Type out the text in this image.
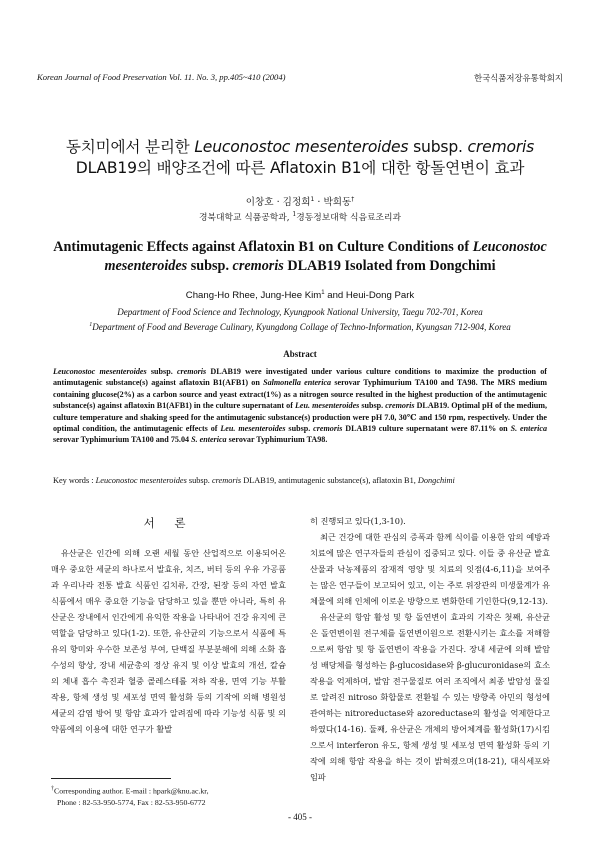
Korean Journal of Food Preservation Vol. 11. No. 3, pp.405~410 (2004)	한국식품저장유통학회지
동치미에서 분리한 Leuconostoc mesenteroides subsp. cremoris
DLAB19의 배양조건에 따른 Aflatoxin B1에 대한 항돌연변이 효과
이창호 · 김정희$^1$ · 박희동†
경북대학교 식품공학과, $^1$경동정보대학 식음료조리과
Antimutagenic Effects against Aflatoxin B1 on Culture Conditions of Leuconostoc
mesenteroides subsp. cremoris DLAB19 Isolated from Dongchimi
Chang-Ho Rhee, Jung-Hee Kim$^1$ and Heui-Dong Park
Department of Food Science and Technology, Kyungpook National University, Taegu 702-701, Korea
$^1$Department of Food and Beverage Culinary, Kyungdong Collage of Techno-Information, Kyungsan 712-904, Korea
Abstract
Leuconostoc mesenteroides subsp. cremoris DLAB19 were investigated under various culture conditions to maximize the production of antimutagenic substance(s) against aflatoxin B1(AFB1) on Salmonella enterica serovar Typhimurium TA100 and TA98. The MRS medium containing glucose(2%) as a carbon source and yeast extract(1%) as a nitrogen source resulted in the highest production of the antimutagenic substance(s) against aflatoxin B1(AFB1) in the culture supernatant of Leu. mesenteroides subsp. cremoris DLAB19. Optimal pH of the medium, culture temperature and shaking speed for the antimutagenic substance(s) production were pH 7.0, 30℃ and 150 rpm, respectively. Under the optimal condition, the antimutagenic effects of Leu. mesenteroides subsp. cremoris DLAB19 culture supernatant were 87.11% on S. enterica serovar Typhimurium TA100 and 75.04 S. enterica serovar Typhimurium TA98.
Key words : Leuconostoc mesenteroides subsp. cremoris DLAB19, antimutagenic substance(s), aflatoxin B1, Dongchimi
서 론

유산균은 인간에 의해 오랜 세월 동안 산업적으로 이용되어온 매우 중요한 세균의 하나로서 발효유, 치즈, 버터 등의 우유 가공품과 우리나라 전통 발효 식품인 김치류, 간장, 된장 등의 자연 발효 식품에서 매우 중요한 기능을 담당하고 있을 뿐만 아니라, 특히 유산균은 장내에서 인간에게 유익한 작용을 나타내어 건강 유지에 큰 역할을 담당하고 있다(1-2). 또한, 유산균의 기능으로서 식품에 특유의 향미와 우수한 보존성 부여, 단백질 부분분해에 의해 소화 흡수성의 향상, 장내 세균총의 정상 유지 및 이상 발효의 개선, 칼슘의 체내 흡수 촉진과 혈중 콜레스테롤 저하 작용, 면역 기능 부활 작용, 항체 생성 및 세포성 면역 활성화 등의 기작에 의해 병원성 세균의 감염 방어 및 항암 효과가 알려짐에 따라 기능성 식품 및 의약품에의 이용에 대한 연구가 활발

히 진행되고 있다(1,3-10).

최근 건강에 대한 관심의 증폭과 함께 식이를 이용한 암의 예방과 치료에 많은 연구자들의 관심이 집중되고 있다. 이들 중 유산균 발효산물과 낙농제품의 잠재적 영양 및 치료의 잇점(4-6,11)을 보여주는 많은 연구들이 보고되어 있고, 이는 주로 위장관의 미생물계가 유체물에 의해 인체에 이로운 방향으로 변화한데 기인한다(9,12-13).

유산균의 항암 활성 및 항 돌연변이 효과의 기작은 첫째, 유산균은 돌연변이원 전구체를 돌연변이원으로 전환시키는 효소를 저해함으로써 항암 및 항 돌연변이 작용을 가진다. 장내 세균에 의해 발암성 배당체를 형성하는 β-glucosidase와 β-glucuronidase의 효소 작용을 억제하며, 발암 전구물질로 여러 조직에서 최종 발암성 물질로 알려진 nitroso 화합물로 전환될 수 있는 방향족 아민의 형성에 관여하는 nitroreductase와 azoreductase의 활성을 억제한다고 하였다(14-16). 둘째, 유산균은 개체의 방어체계를 활성화(17)시킴으로서 interferon 유도, 항체 생성 및 세포성 면역 활성화 등의 기작에 의해 항암 작용을 하는 것이 밝혀졌으며(18-21), 대식세포와 임파

†Corresponding author. E-mail : hpark@knu.ac.kr,
Phone : 82-53-950-5774, Fax : 82-53-950-6772
- 405 -
